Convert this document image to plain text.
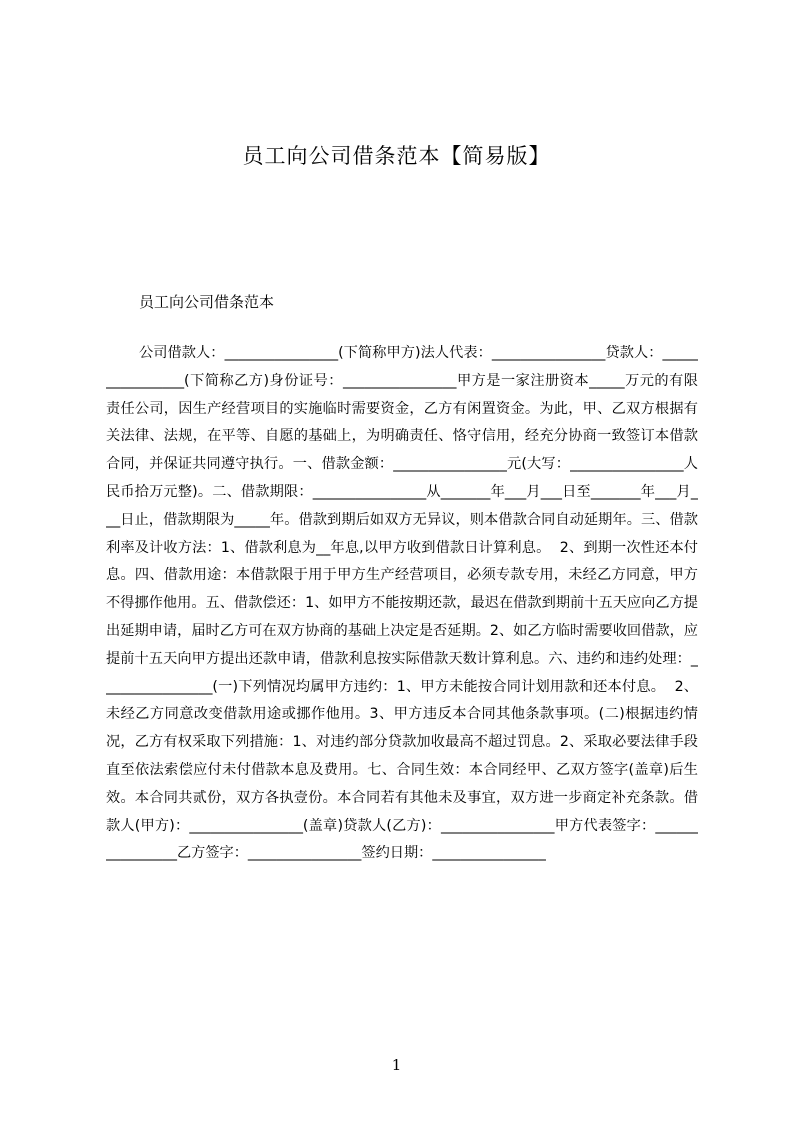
员工向公司借条范本【简易版】

员工向公司借条范本

公司借款人：________________(下简称甲方)法人代表：________________贷款人：________________(下简称乙方)身份证号：________________甲方是一家注册资本_____万元的有限责任公司，因生产经营项目的实施临时需要资金，乙方有闲置资金。为此，甲、乙双方根据有关法律、法规，在平等、自愿的基础上，为明确责任、恪守信用，经充分协商一致签订本借款合同，并保证共同遵守执行。一、借款金额：________________元(大写：________________人民币拾万元整)。二、借款期限：________________从_______年___月___日至_______年___月___日止，借款期限为_____年。借款到期后如双方无异议，则本借款合同自动延期年。三、借款利率及计收方法：1、借款利息为__年息,以甲方收到借款日计算利息。  2、到期一次性还本付息。四、借款用途：本借款限于用于甲方生产经营项目，必须专款专用，未经乙方同意，甲方不得挪作他用。五、借款偿还：1、如甲方不能按期还款，最迟在借款到期前十五天应向乙方提出延期申请，届时乙方可在双方协商的基础上决定是否延期。2、如乙方临时需要收回借款，应提前十五天向甲方提出还款申请，借款利息按实际借款天数计算利息。六、违约和违约处理：________________(一)下列情况均属甲方违约：1、甲方未能按合同计划用款和还本付息。  2、未经乙方同意改变借款用途或挪作他用。3、甲方违反本合同其他条款事项。(二)根据违约情况，乙方有权采取下列措施：1、对违约部分贷款加收最高不超过罚息。2、采取必要法律手段直至依法索偿应付未付借款本息及费用。七、合同生效：本合同经甲、乙双方签字(盖章)后生效。本合同共贰份，双方各执壹份。本合同若有其他未及事宜，双方进一步商定补充条款。借款人(甲方)：________________(盖章)贷款人(乙方)：________________甲方代表签字：________________乙方签字：________________签约日期：________________

1
